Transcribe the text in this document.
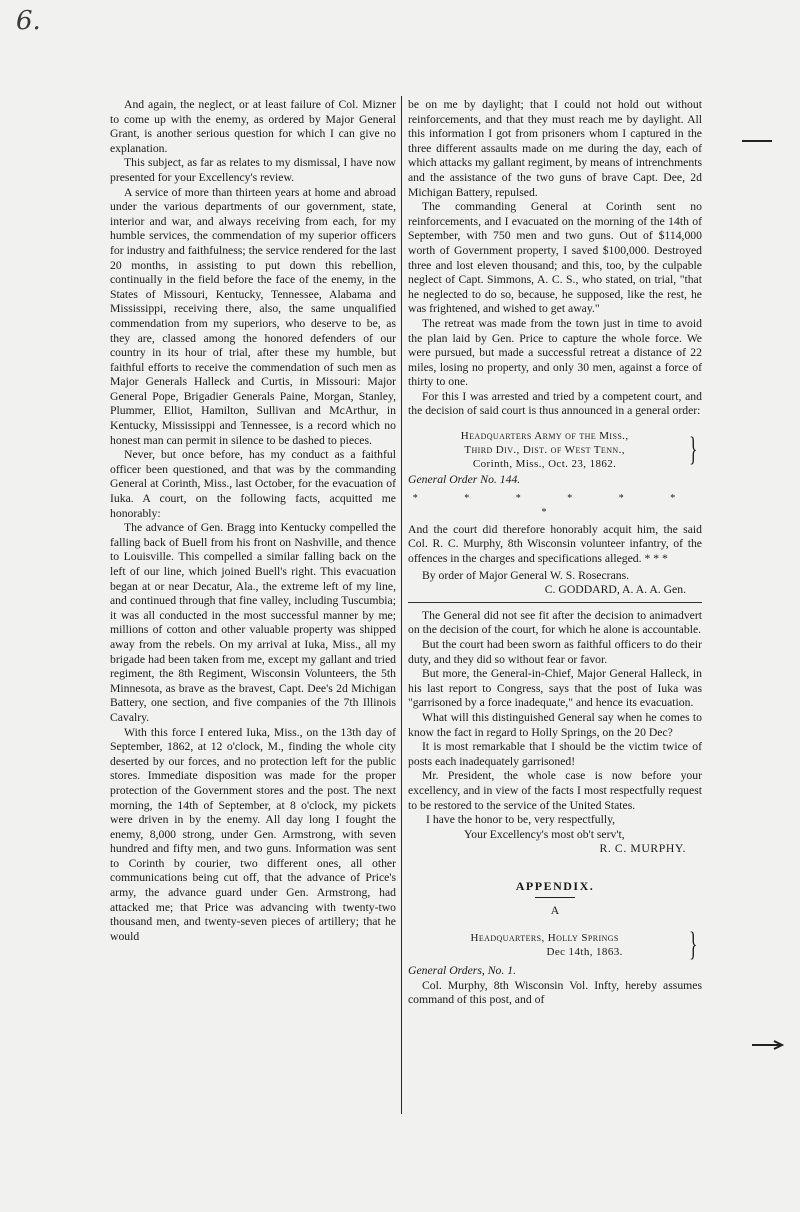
6.

And again, the neglect, or at least failure of Col. Mizner to come up with the enemy, as ordered by Major General Grant, is another serious question for which I can give no explanation.

This subject, as far as relates to my dismissal, I have now presented for your Excellency's review.

A service of more than thirteen years at home and abroad under the various departments of our government, state, interior and war, and always receiving from each, for my humble services, the commendation of my superior officers for industry and faithfulness; the service rendered for the last 20 months, in assisting to put down this rebellion, continually in the field before the face of the enemy, in the States of Missouri, Kentucky, Tennessee, Alabama and Mississippi, receiving there, also, the same unqualified commendation from my superiors, who deserve to be, as they are, classed among the honored defenders of our country in its hour of trial, after these my humble, but faithful efforts to receive the commendation of such men as Major Generals Halleck and Curtis, in Missouri: Major General Pope, Brigadier Generals Paine, Morgan, Stanley, Plummer, Elliot, Hamilton, Sullivan and McArthur, in Kentucky, Mississippi and Tennessee, is a record which no honest man can permit in silence to be dashed to pieces.

Never, but once before, has my conduct as a faithful officer been questioned, and that was by the commanding General at Corinth, Miss., last October, for the evacuation of Iuka. A court, on the following facts, acquitted me honorably:

The advance of Gen. Bragg into Kentucky compelled the falling back of Buell from his front on Nashville, and thence to Louisville. This compelled a similar falling back on the left of our line, which joined Buell's right. This evacuation began at or near Decatur, Ala., the extreme left of my line, and continued through that fine valley, including Tuscumbia; it was all conducted in the most successful manner by me; millions of cotton and other valuable property was shipped away from the rebels. On my arrival at Iuka, Miss., all my brigade had been taken from me, except my gallant and tried regiment, the 8th Regiment, Wisconsin Volunteers, the 5th Minnesota, as brave as the bravest, Capt. Dee's 2d Michigan Battery, one section, and five companies of the 7th Illinois Cavalry.

With this force I entered Iuka, Miss., on the 13th day of September, 1862, at 12 o'clock, M., finding the whole city deserted by our forces, and no protection left for the public stores. Immediate disposition was made for the proper protection of the Government stores and the post. The next morning, the 14th of September, at 8 o'clock, my pickets were driven in by the enemy. All day long I fought the enemy, 8,000 strong, under Gen. Armstrong, with seven hundred and fifty men, and two guns. Information was sent to Corinth by courier, two different ones, all other communications being cut off, that the advance of Price's army, the advance guard under Gen. Armstrong, had attacked me; that Price was advancing with twenty-two thousand men, and twenty-seven pieces of artillery; that he would

be on me by daylight; that I could not hold out without reinforcements, and that they must reach me by daylight. All this information I got from prisoners whom I captured in the three different assaults made on me during the day, each of which attacks my gallant regiment, by means of intrenchments and the assistance of the two guns of brave Capt. Dee, 2d Michigan Battery, repulsed.

The commanding General at Corinth sent no reinforcements, and I evacuated on the morning of the 14th of September, with 750 men and two guns. Out of $114,000 worth of Government property, I saved $100,000. Destroyed three and lost eleven thousand; and this, too, by the culpable neglect of Capt. Simmons, A. C. S., who stated, on trial, "that he neglected to do so, because, he supposed, like the rest, he was frightened, and wished to get away."

The retreat was made from the town just in time to avoid the plan laid by Gen. Price to capture the whole force. We were pursued, but made a successful retreat a distance of 22 miles, losing no property, and only 30 men, against a force of thirty to one.

For this I was arrested and tried by a competent court, and the decision of said court is thus announced in a general order:

Headquarters Army of the Miss.,
Third Div., Dist. of West Tenn.,
Corinth, Miss., Oct. 23, 1862.	}
General Order No. 144.
* * * * * * *

And the court did therefore honorably acquit him, the said Col. R. C. Murphy, 8th Wisconsin volunteer infantry, of the offences in the charges and specifications alleged. * * *

By order of Major General W. S. Rosecrans.
C. GODDARD, A. A. A. Gen.

The General did not see fit after the decision to animadvert on the decision of the court, for which he alone is accountable.

But the court had been sworn as faithful officers to do their duty, and they did so without fear or favor.

But more, the General-in-Chief, Major General Halleck, in his last report to Congress, says that the post of Iuka was "garrisoned by a force inadequate," and hence its evacuation.

What will this distinguished General say when he comes to know the fact in regard to Holly Springs, on the 20 Dec?

It is most remarkable that I should be the victim twice of posts each inadequately garrisoned!

Mr. President, the whole case is now before your excellency, and in view of the facts I most respectfully request to be restored to the service of the United States.

I have the honor to be, very respectfully,
Your Excellency's most ob't serv't,
R. C. MURPHY.
APPENDIX.
A
Headquarters, Holly Springs
Dec 14th, 1863.	}
General Orders, No. 1.

Col. Murphy, 8th Wisconsin Vol. Infty, hereby assumes command of this post, and of
